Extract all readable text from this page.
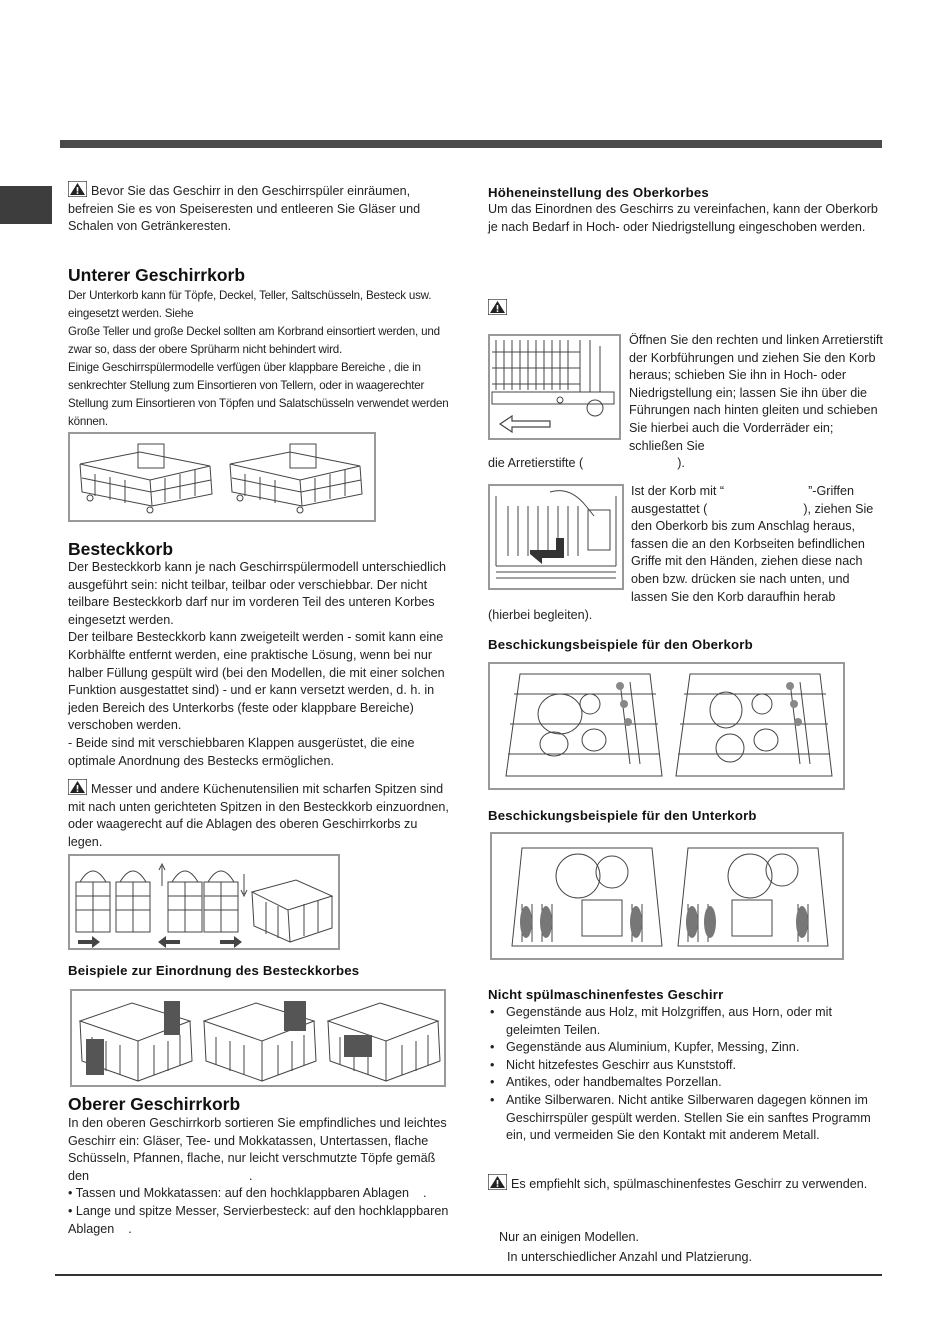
Bevor Sie das Geschirr in den Geschirrspüler einräumen, befreien Sie es von Speiseresten und entleeren Sie Gläser und Schalen von Getränkeresten.
Unterer Geschirrkorb
Der Unterkorb kann für Töpfe, Deckel, Teller, Saltschüsseln, Besteck usw. eingesetzt werden. Siehe
Große Teller und große Deckel sollten am Korbrand einsortiert werden, und zwar so, dass der obere Sprüharm nicht behindert wird.
Einige Geschirrspülermodelle verfügen über klappbare Bereiche , die in senkrechter Stellung zum Einsortieren von Tellern, oder in waagerechter Stellung zum Einsortieren von Töpfen und Salatschüsseln verwendet werden können.
Besteckkorb
Der Besteckkorb kann je nach Geschirrspülermodell unterschiedlich ausgeführt sein: nicht teilbar, teilbar oder verschiebbar. Der nicht teilbare Besteckkorb darf nur im vorderen Teil des unteren Korbes eingesetzt werden.
Der teilbare Besteckkorb kann zweigeteilt werden - somit kann eine Korbhälfte entfernt werden, eine praktische Lösung, wenn bei nur halber Füllung gespült wird (bei den Modellen, die mit einer solchen Funktion ausgestattet sind) - und er kann versetzt werden, d. h. in jeden Bereich des Unterkorbs (feste oder klappbare Bereiche) verschoben werden.
- Beide sind mit verschiebbaren Klappen ausgerüstet, die eine optimale Anordnung des Bestecks ermöglichen.
Messer und andere Küchenutensilien mit scharfen Spitzen sind mit nach unten gerichteten Spitzen in den Besteckkorb einzuordnen, oder waagerecht auf die Ablagen des oberen Geschirrkorbs zu legen.
Beispiele zur Einordnung des Besteckkorbes
Oberer Geschirrkorb
In den oberen Geschirrkorb sortieren Sie empfindliches und leichtes Geschirr ein: Gläser, Tee- und Mokkatassen, Untertassen, flache Schüsseln, Pfannen, flache, nur leicht verschmutzte Töpfe gemäß den	.
• Tassen und Mokkatassen: auf den hochklappbaren Ablagen .
• Lange und spitze Messer, Servierbesteck: auf den hochklappbaren Ablagen .
Höheneinstellung des Oberkorbes
Um das Einordnen des Geschirrs zu vereinfachen, kann der Oberkorb je nach Bedarf in Hoch- oder Niedrigstellung eingeschoben werden.
Öffnen Sie den rechten und linken Arretierstift der Korbführungen und ziehen Sie den Korb heraus; schieben Sie ihn in Hoch- oder Niedrigstellung ein; lassen Sie ihn über die Führungen nach hinten gleiten und schieben Sie hierbei auch die Vorderräder ein; schließen Sie
die Arretierstifte (	).
Ist der Korb mit “	”-Griffen
ausgestattet (	), ziehen Sie
den Oberkorb bis zum Anschlag heraus, fassen die an den Korbseiten befindlichen Griffe mit den Händen, ziehen diese nach oben bzw. drücken sie nach unten, und lassen Sie den Korb daraufhin herab
(hierbei begleiten).
Beschickungsbeispiele für den Oberkorb
Beschickungsbeispiele für den Unterkorb
Nicht spülmaschinenfestes Geschirr
• Gegenstände aus Holz, mit Holzgriffen, aus Horn, oder mit geleimten Teilen.
• Gegenstände aus Aluminium, Kupfer, Messing, Zinn.
• Nicht hitzefestes Geschirr aus Kunststoff.
• Antikes, oder handbemaltes Porzellan.
• Antike Silberwaren. Nicht antike Silberwaren dagegen können im Geschirrspüler gespült werden. Stellen Sie ein sanftes Programm ein, und vermeiden Sie den Kontakt mit anderem Metall.
Es empfiehlt sich, spülmaschinenfestes Geschirr zu verwenden.
Nur an einigen Modellen.
In unterschiedlicher Anzahl und Platzierung.
